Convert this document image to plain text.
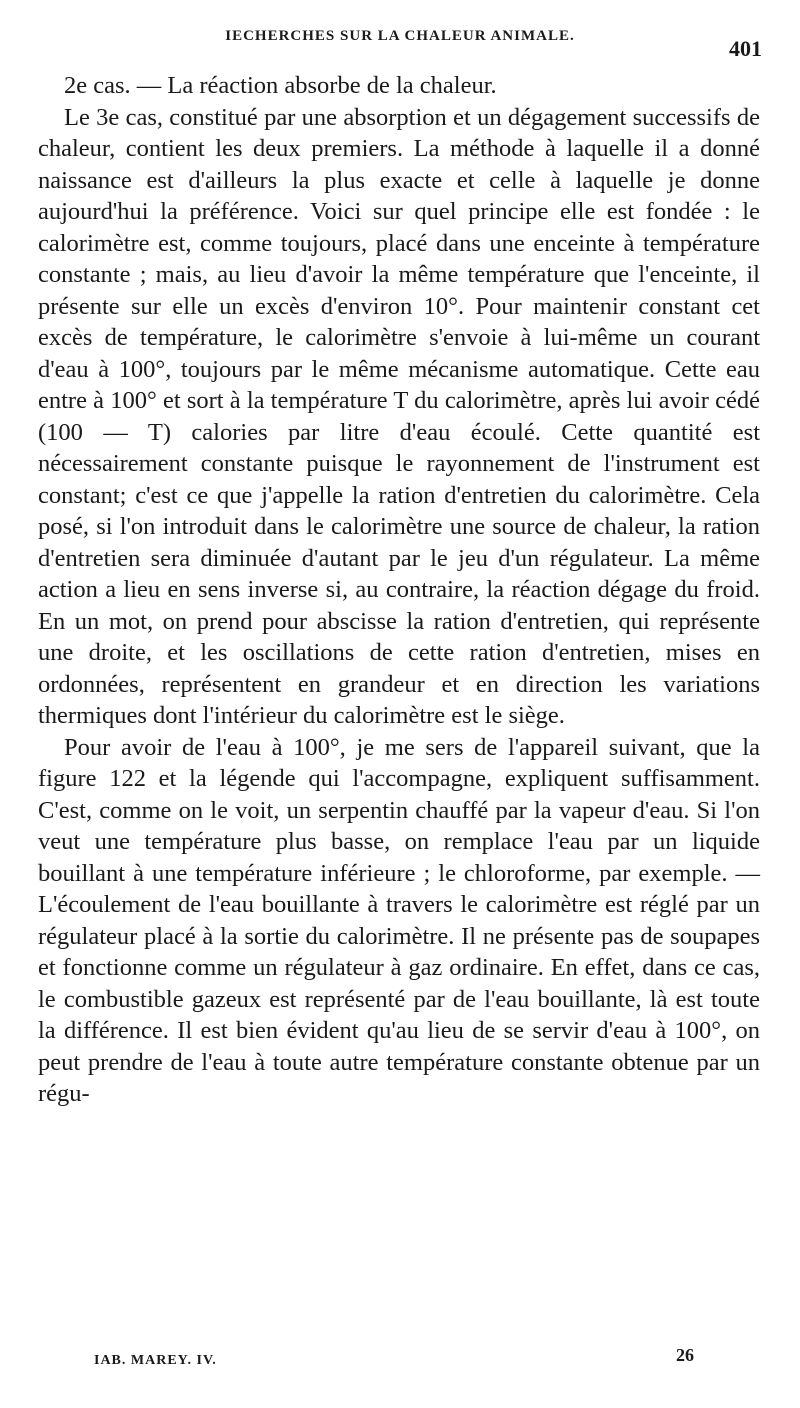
IECHERCHES SUR LA CHALEUR ANIMALE.	401

2e cas. — La réaction absorbe de la chaleur.

Le 3e cas, constitué par une absorption et un dégagement successifs de chaleur, contient les deux premiers. La méthode à laquelle il a donné naissance est d'ailleurs la plus exacte et celle à laquelle je donne aujourd'hui la préférence. Voici sur quel principe elle est fondée : le calorimètre est, comme toujours, placé dans une enceinte à température constante ; mais, au lieu d'avoir la même température que l'enceinte, il présente sur elle un excès d'environ 10°. Pour maintenir constant cet excès de température, le calorimètre s'envoie à lui-même un courant d'eau à 100°, toujours par le même mécanisme automatique. Cette eau entre à 100° et sort à la température T du calorimètre, après lui avoir cédé (100 — T) calories par litre d'eau écoulé. Cette quantité est nécessairement constante puisque le rayonnement de l'instrument est constant; c'est ce que j'appelle la ration d'entretien du calorimètre. Cela posé, si l'on introduit dans le calorimètre une source de chaleur, la ration d'entretien sera diminuée d'autant par le jeu d'un régulateur. La même action a lieu en sens inverse si, au contraire, la réaction dégage du froid. En un mot, on prend pour abscisse la ration d'entretien, qui représente une droite, et les oscillations de cette ration d'entretien, mises en ordonnées, représentent en grandeur et en direction les variations thermiques dont l'intérieur du calorimètre est le siège.

Pour avoir de l'eau à 100°, je me sers de l'appareil suivant, que la figure 122 et la légende qui l'accompagne, expliquent suffisamment. C'est, comme on le voit, un serpentin chauffé par la vapeur d'eau. Si l'on veut une température plus basse, on remplace l'eau par un liquide bouillant à une température inférieure ; le chloroforme, par exemple. — L'écoulement de l'eau bouillante à travers le calorimètre est réglé par un régulateur placé à la sortie du calorimètre. Il ne présente pas de soupapes et fonctionne comme un régulateur à gaz ordinaire. En effet, dans ce cas, le combustible gazeux est représenté par de l'eau bouillante, là est toute la différence. Il est bien évident qu'au lieu de se servir d'eau à 100°, on peut prendre de l'eau à toute autre température constante obtenue par un régu-

IAB. MAREY. IV.	26
